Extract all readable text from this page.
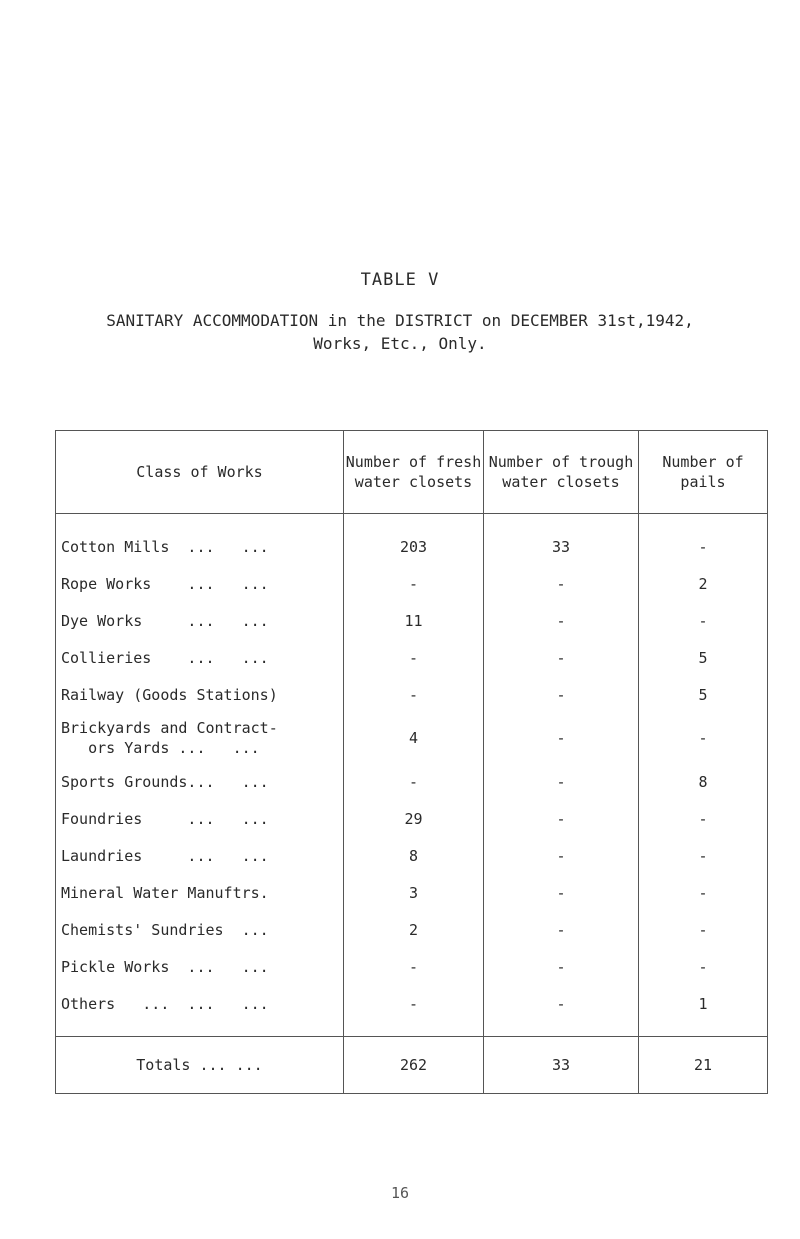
TABLE V
SANITARY ACCOMMODATION in the DISTRICT on DECEMBER 31st,1942,
Works, Etc., Only.
Class of Works	Number of fresh water closets	Number of trough water closets	Number of pails

Cotton Mills  ...   ...	203	33	-
Rope Works    ...   ...	-	-	2
Dye Works     ...   ...	11	-	-
Collieries    ...   ...	-	-	5
Railway (Goods Stations)	-	-	5
Brickyards and Contract-
ors Yards ...   ...	4	-	-
Sports Grounds...   ...	-	-	8
Foundries     ...   ...	29	-	-
Laundries     ...   ...	8	-	-
Mineral Water Manuftrs.	3	-	-
Chemists' Sundries  ...	2	-	-
Pickle Works  ...   ...	-	-	-
Others   ...  ...   ...	-	-	1

Totals ... ...	262	33	21
16
